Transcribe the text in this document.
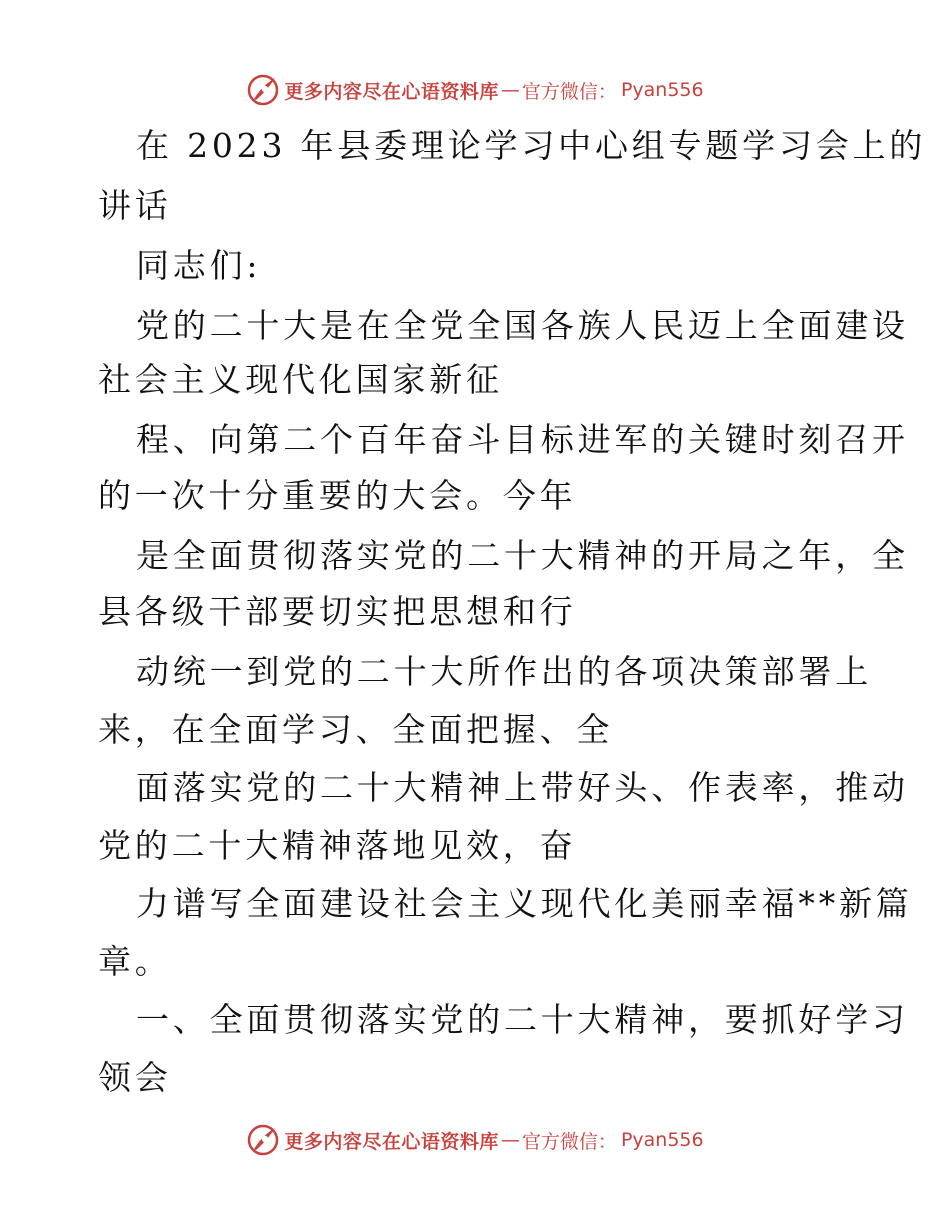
更多内容尽在心语资料库 — 官方微信： Pyan556
在 2023 年县委理论学习中心组专题学习会上的
讲话
同志们:
党的二十大是在全党全国各族人民迈上全面建设
社会主义现代化国家新征
程、向第二个百年奋斗目标进军的关键时刻召开
的一次十分重要的大会。今年
是全面贯彻落实党的二十大精神的开局之年，全
县各级干部要切实把思想和行
动统一到党的二十大所作出的各项决策部署上
来，在全面学习、全面把握、全
面落实党的二十大精神上带好头、作表率，推动
党的二十大精神落地见效，奋
力谱写全面建设社会主义现代化美丽幸福**新篇
章。
一、全面贯彻落实党的二十大精神，要抓好学习
领会
更多内容尽在心语资料库 — 官方微信： Pyan556
